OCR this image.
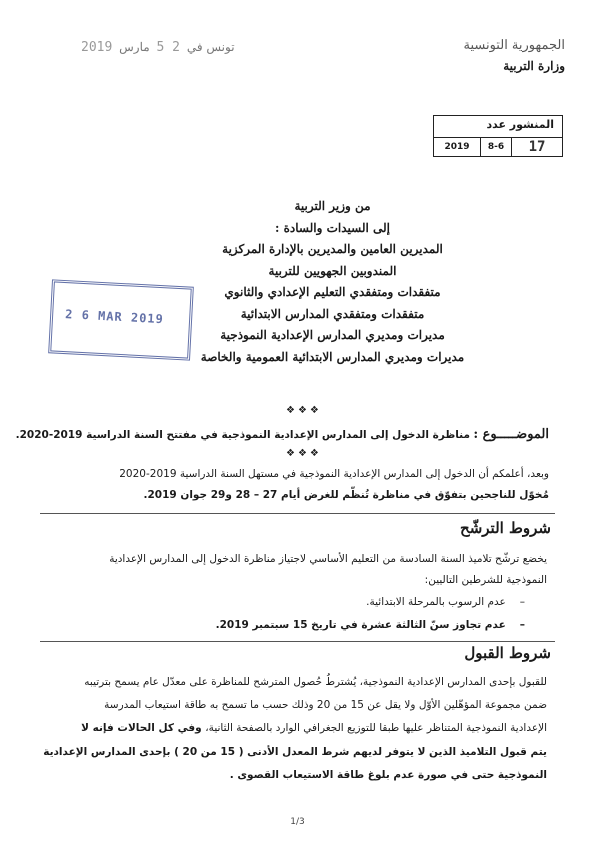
الجمهورية التونسية
وزارة التربية
تونس في 2 5 مارس 2019
المنشور عدد
2019	8-6	17
من وزير التربية
إلى السيدات والسادة :
المديرين العامين والمديرين بالإدارة المركزية
المندوبين الجهويين للتربية
متفقدات ومتفقدي التعليم الإعدادي والثانوي
متفقدات ومتفقدي المدارس الابتدائية
مديرات ومديري المدارس الإعدادية النموذجية
مديرات ومديري المدارس الابتدائية العمومية والخاصة
2 6 MAR 2019
❖❖❖
❖❖❖
الموضـــــوع : مناظرة الدخول إلى المدارس الإعدادية النموذجية في مفتتح السنة الدراسية 2019-2020.
وبعد، أعلمكم أن الدخول إلى المدارس الإعدادية النموذجية في مستهل السنة الدراسية 2019-2020
مُخوّل للناجحين بتفوّق في مناظرة تُنظّم للغرض أيام 27 – 28 و29 جوان 2019.
شروط الترشّح
يخضع ترشّح تلاميذ السنة السادسة من التعليم الأساسي لاجتياز مناظرة الدخول إلى المدارس الإعدادية
النموذجية للشرطين التاليين:
–عدم الرسوب بالمرحلة الابتدائية.
–عدم تجاوز سنّ الثالثة عشرة في تاريخ 15 سبتمبر 2019.
شروط القبول
للقبول بإحدى المدارس الإعدادية النموذجية، يُشترطُ حُصول المترشح للمناظرة على معدّل عام يسمح بترتيبه
ضمن مجموعة المؤهّلين الأوّل ولا يقل عن 15 من 20 وذلك حسب ما تسمح به طاقة استيعاب المدرسة
الإعدادية النموذجية المتناظر عليها طبقا للتوزيع الجغرافي الوارد بالصفحة الثانية، وفي كل الحالات فإنه لا
يتم قبول التلاميذ الذين لا يتوفر لديهم شرط المعدل الأدنى ( 15 من 20 ) بإحدى المدارس الإعدادية
النموذجية حتى في صورة عدم بلوغ طاقة الاستيعاب القصوى .
1/3
